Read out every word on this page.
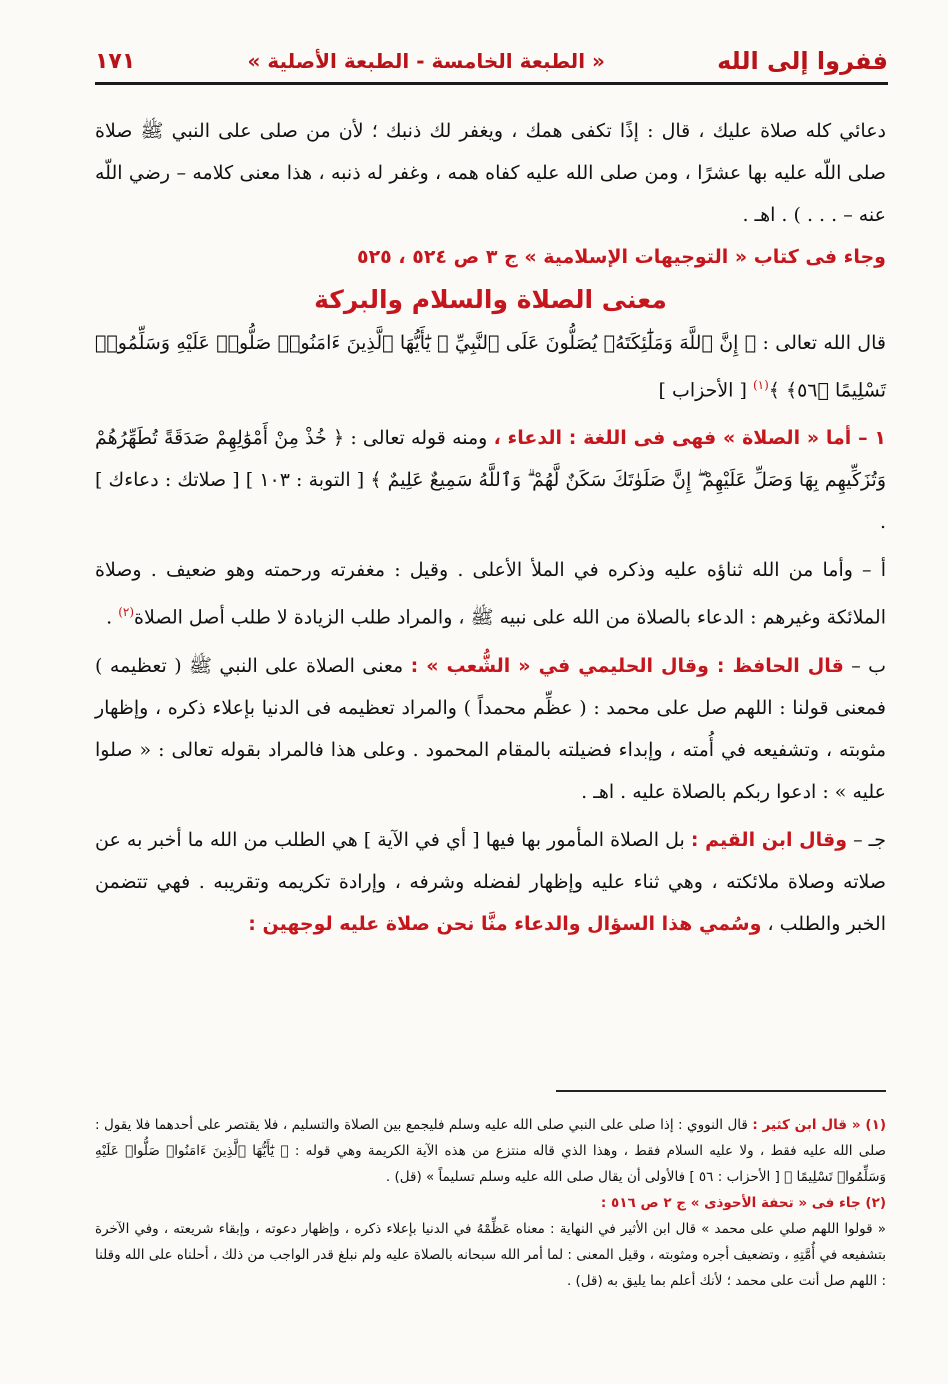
ففروا إلى الله
« الطبعة الخامسة - الطبعة الأصلية »
١٧١

دعائي كله صلاة عليك ، قال : إذًا تكفى همك ، ويغفر لك ذنبك ؛ لأن من صلى على النبي ﷺ صلاة صلى اللّه عليه بها عشرًا ، ومن صلى الله عليه كفاه همه ، وغفر له ذنبه ، هذا معنى كلامه – رضي اللّه عنه – . . . ) . اهـ .

وجاء فى كتاب « التوجيهات الإسلامية » ج ٣ ص ٥٢٤ ، ٥٢٥

معنى الصلاة والسلام والبركة

قال الله تعالى : ﴿ إِنَّ ٱللَّهَ وَمَلَٰٓئِكَتَهُۥ يُصَلُّونَ عَلَى ٱلنَّبِيِّ ۚ يَٰٓأَيُّهَا ٱلَّذِينَ ءَامَنُوا۟ صَلُّوا۟ عَلَيْهِ وَسَلِّمُوا۟ تَسْلِيمًا ﴿٥٦﴾ ﴾$^{(١)}$ [ الأحزاب ]

١ – أما « الصلاة » فهى فى اللغة : الدعاء ، ومنه قوله تعالى : ﴿ خُذْ مِنْ أَمْوَٰلِهِمْ صَدَقَةً تُطَهِّرُهُمْ وَتُزَكِّيهِم بِهَا وَصَلِّ عَلَيْهِمْ ۖ إِنَّ صَلَوٰتَكَ سَكَنٌ لَّهُمْ ۗ وَٱللَّهُ سَمِيعٌ عَلِيمٌ ﴾ [ التوبة : ١٠٣ ] [ صلاتك : دعاءك ] .

أ – وأما من الله ثناؤه عليه وذكره في الملأ الأعلى . وقيل : مغفرته ورحمته وهو ضعيف . وصلاة الملائكة وغيرهم : الدعاء بالصلاة من الله على نبيه ﷺ ، والمراد طلب الزيادة لا طلب أصل الصلاة$^{(٢)}$ .

ب – قال الحافظ : وقال الحليمي في « الشُّعب » : معنى الصلاة على النبي ﷺ ( تعظيمه ) فمعنى قولنا : اللهم صل على محمد : ( عظِّم محمداً ) والمراد تعظيمه فى الدنيا بإعلاء ذكره ، وإظهار مثوبته ، وتشفيعه في أُمته ، وإبداء فضيلته بالمقام المحمود . وعلى هذا فالمراد بقوله تعالى : « صلوا عليه » : ادعوا ربكم بالصلاة عليه . اهـ .

جـ – وقال ابن القيم : بل الصلاة المأمور بها فيها [ أي في الآية ] هي الطلب من الله ما أخبر به عن صلاته وصلاة ملائكته ، وهي ثناء عليه وإظهار لفضله وشرفه ، وإرادة تكريمه وتقريبه . فهي تتضمن الخبر والطلب ، وسُمي هذا السؤال والدعاء منَّا نحن صلاة عليه لوجهين :

(١) « قال ابن كثير : قال النووي : إذا صلى على النبي صلى الله عليه وسلم فليجمع بين الصلاة والتسليم ، فلا يقتصر على أحدهما فلا يقول : صلى الله عليه فقط ، ولا عليه السلام فقط ، وهذا الذي قاله منتزع من هذه الآية الكريمة وهي قوله : ﴿ يَٰٓأَيُّهَا ٱلَّذِينَ ءَامَنُوا۟ صَلُّوا۟ عَلَيْهِ وَسَلِّمُوا۟ تَسْلِيمًا ﴾ [ الأحزاب : ٥٦ ] فالأولى أن يقال صلى الله عليه وسلم تسليماً » (قل) .

(٢) جاء فى « تحفة الأحوذى » ج ٢ ص ٥١٦ :

« قولوا اللهم صلي على محمد » قال ابن الأثير في النهاية : معناه عَظِّمْهُ في الدنيا بإعلاء ذكره ، وإظهار دعوته ، وإبقاء شريعته ، وفي الآخرة بتشفيعه في أُمَّتِهِ ، وتضعيف أجره ومثوبته ، وقيل المعنى : لما أمر الله سبحانه بالصلاة عليه ولم نبلغ قدر الواجب من ذلك ، أحلناه على الله وقلنا : اللهم صل أنت على محمد ؛ لأنك أعلم بما يليق به (قل) .
